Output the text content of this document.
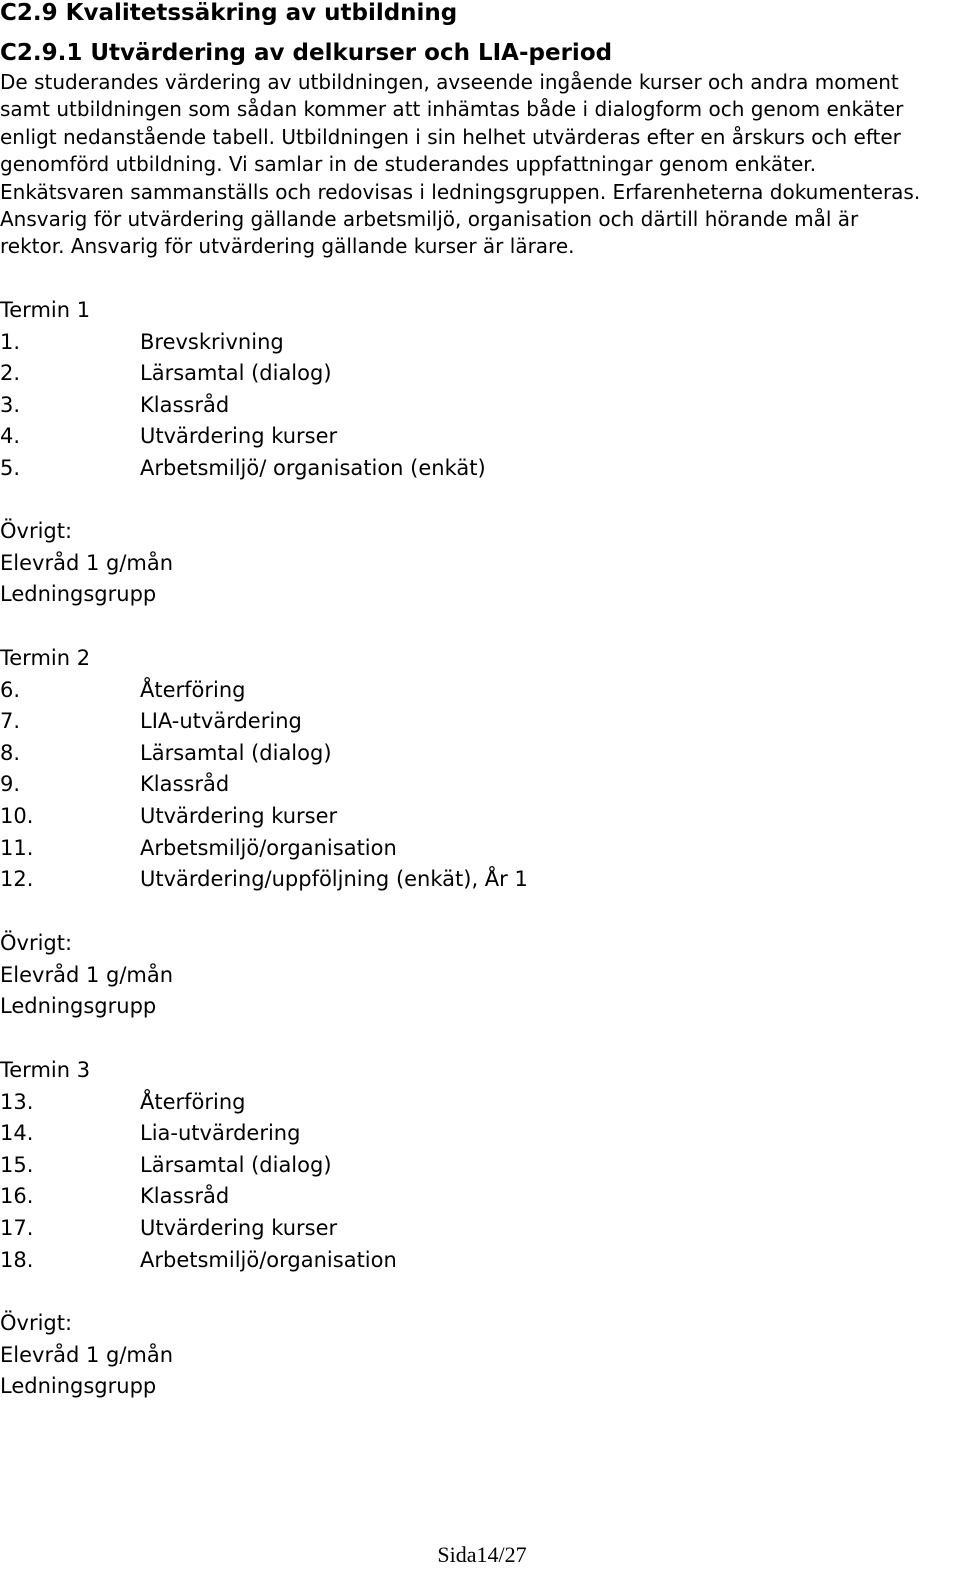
C2.9 Kvalitetssäkring av utbildning
C2.9.1 Utvärdering av delkurser och LIA-period
De studerandes värdering av utbildningen, avseende ingående kurser och andra moment
samt utbildningen som sådan kommer att inhämtas både i dialogform och genom enkäter
enligt nedanstående tabell. Utbildningen i sin helhet utvärderas efter en årskurs och efter
genomförd utbildning. Vi samlar in de studerandes uppfattningar genom enkäter.
Enkätsvaren sammanställs och redovisas i ledningsgruppen. Erfarenheterna dokumenteras.
Ansvarig för utvärdering gällande arbetsmiljö, organisation och därtill hörande mål är
rektor. Ansvarig för utvärdering gällande kurser är lärare.
Termin 1
1.	Brevskrivning
2.	Lärsamtal (dialog)
3.	Klassråd
4.	Utvärdering kurser
5.	Arbetsmiljö/ organisation (enkät)
Övrigt:
Elevråd 1 g/mån
Ledningsgrupp
Termin 2
6.	Återföring
7.	LIA-utvärdering
8.	Lärsamtal (dialog)
9.	Klassråd
10.	Utvärdering kurser
11.	Arbetsmiljö/organisation
12.	Utvärdering/uppföljning (enkät), År 1
Övrigt:
Elevråd 1 g/mån
Ledningsgrupp
Termin 3
13.	Återföring
14.	Lia-utvärdering
15.	Lärsamtal (dialog)
16.	Klassråd
17.	Utvärdering kurser
18.	Arbetsmiljö/organisation
Övrigt:
Elevråd 1 g/mån
Ledningsgrupp
Sida14/27
